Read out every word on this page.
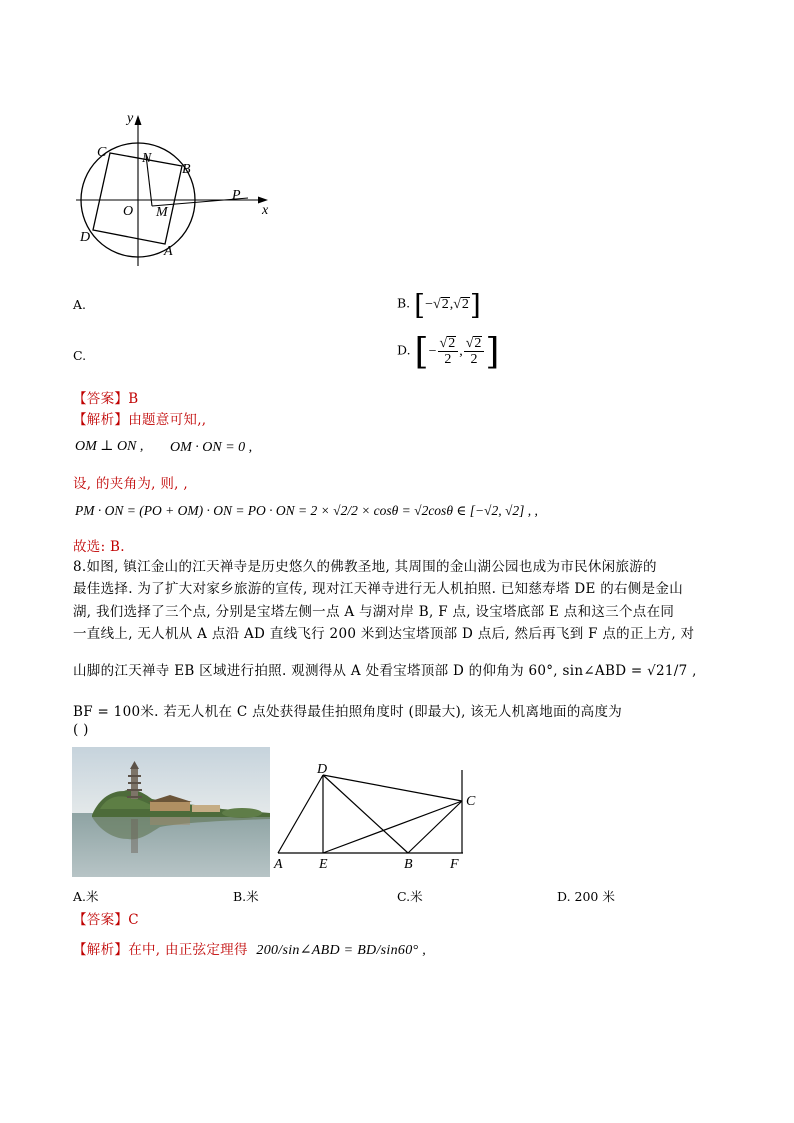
y
x
C	N
B
P
O M
D
A
A.	B. [−√2,√2]
C.	D. [− $\frac{√2}{2}$ , $\frac{√2}{2}$ ]
【答案】B
【解析】由题意可知,,
OM ⊥ ON , OM · ON = 0 ,
设, 的夹角为, 则, ,
PM · ON = (PO + OM) · ON = PO · ON = 2 × √2/2 × cosθ = √2cosθ ∈ [−√2, √2] , ,
故选: B.
8.如图, 镇江金山的江天禅寺是历史悠久的佛教圣地, 其周围的金山湖公园也成为市民休闲旅游的
最佳选择. 为了扩大对家乡旅游的宣传, 现对江天禅寺进行无人机拍照. 已知慈寿塔 DE 的右侧是金山
湖, 我们选择了三个点, 分别是宝塔左侧一点 A 与湖对岸 B, F 点, 设宝塔底部 E 点和这三个点在同
一直线上, 无人机从 A 点沿 AD 直线飞行 200 米到达宝塔顶部 D 点后, 然后再飞到 F 点的正上方, 对
山脚的江天禅寺 EB 区域进行拍照. 观测得从 A 处看宝塔顶部 D 的仰角为 60°, sin∠ABD = √21/7 ,
BF = 100米. 若无人机在 C 点处获得最佳拍照角度时 (即最大), 该无人机离地面的高度为
( )
D
C
A	E	B	F
A.米	B.米	C.米	D. 200 米
【答案】C
【解析】在中, 由正弦定理得 200/sin∠ABD = BD/sin60° ,
